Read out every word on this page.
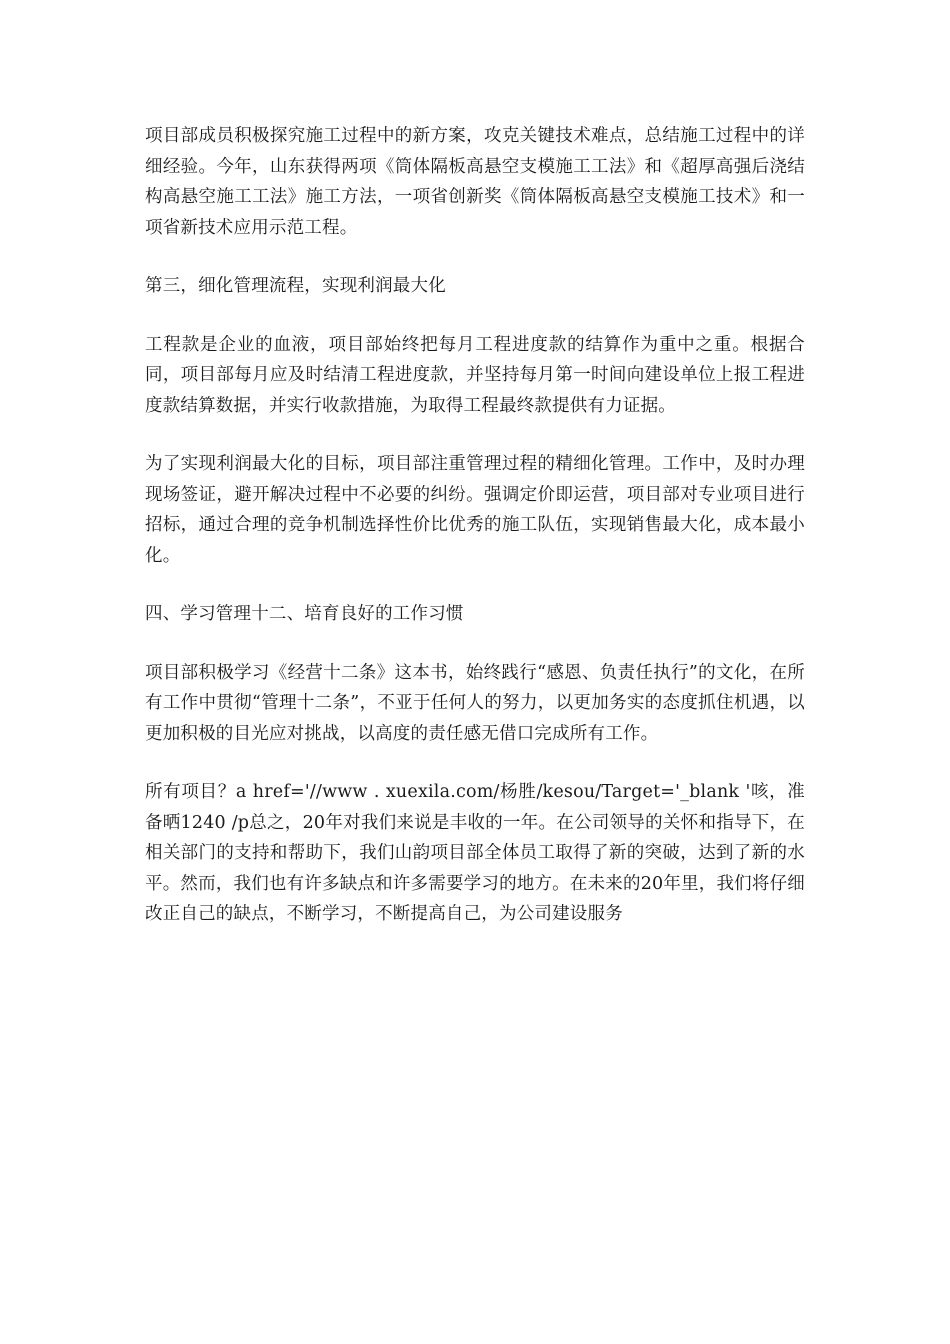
项目部成员积极探究施工过程中的新方案，攻克关键技术难点，总结施工过程中的详细经验。今年，山东获得两项《筒体隔板高悬空支模施工工法》和《超厚高强后浇结构高悬空施工工法》施工方法，一项省创新奖《筒体隔板高悬空支模施工技术》和一项省新技术应用示范工程。

第三，细化管理流程，实现利润最大化

工程款是企业的血液，项目部始终把每月工程进度款的结算作为重中之重。根据合同，项目部每月应及时结清工程进度款，并坚持每月第一时间向建设单位上报工程进度款结算数据，并实行收款措施，为取得工程最终款提供有力证据。

为了实现利润最大化的目标，项目部注重管理过程的精细化管理。工作中，及时办理现场签证，避开解决过程中不必要的纠纷。强调定价即运营，项目部对专业项目进行招标，通过合理的竞争机制选择性价比优秀的施工队伍，实现销售最大化，成本最小化。

四、学习管理十二、培育良好的工作习惯

项目部积极学习《经营十二条》这本书，始终践行“感恩、负责任执行”的文化，在所有工作中贯彻“管理十二条”，不亚于任何人的努力，以更加务实的态度抓住机遇，以更加积极的目光应对挑战，以高度的责任感无借口完成所有工作。

所有项目？a href='//www . xuexila.com/杨胜/kesou/Target='_blank '咳，准备晒1240 /p总之，20年对我们来说是丰收的一年。在公司领导的关怀和指导下，在相关部门的支持和帮助下，我们山韵项目部全体员工取得了新的突破，达到了新的水平。然而，我们也有许多缺点和许多需要学习的地方。在未来的20年里，我们将仔细改正自己的缺点，不断学习，不断提高自己，为公司建设服务
